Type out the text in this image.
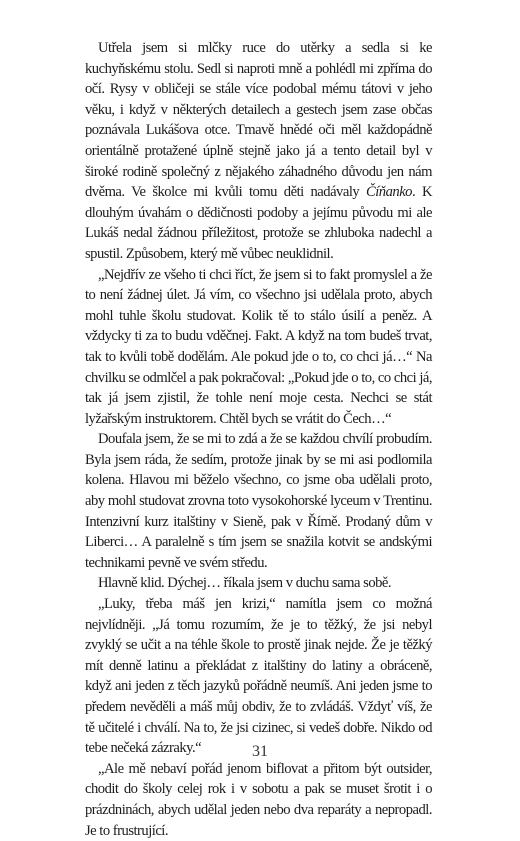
Utřela jsem si mlčky ruce do utěrky a sedla si ke kuchyňskému stolu. Sedl si naproti mně a pohlédl mi zpříma do očí. Rysy v obličeji se stále více podobal mému tátovi v jeho věku, i když v některých detailech a gestech jsem zase občas poznávala Lukášova otce. Tmavě hnědé oči měl každopádně orientálně protažené úplně stejně jako já a tento detail byl v široké rodině společný z nějakého záhadného důvodu jen nám dvěma. Ve školce mi kvůli tomu děti nadávaly Číňanko. K dlouhým úvahám o dědičnosti podoby a jejímu původu mi ale Lukáš nedal žádnou příležitost, protože se zhluboka nadechl a spustil. Způsobem, který mě vůbec neuklidnil.

„Nejdřív ze všeho ti chci říct, že jsem si to fakt promyslel a že to není žádnej úlet. Já vím, co všechno jsi udělala proto, abych mohl tuhle školu studovat. Kolik tě to stálo úsilí a peněz. A vždycky ti za to budu vděčnej. Fakt. A když na tom budeš trvat, tak to kvůli tobě dodělám. Ale pokud jde o to, co chci já…“ Na chvilku se odmlčel a pak pokračoval: „Pokud jde o to, co chci já, tak já jsem zjistil, že tohle není moje cesta. Nechci se stát lyžařským instruktorem. Chtěl bych se vrátit do Čech…“

Doufala jsem, že se mi to zdá a že se každou chvílí probudím. Byla jsem ráda, že sedím, protože jinak by se mi asi podlomila kolena. Hlavou mi běželo všechno, co jsme oba udělali proto, aby mohl studovat zrovna toto vysokohorské lyceum v Trentinu. Intenzivní kurz italštiny v Sieně, pak v Římě. Prodaný dům v Liberci… A paralelně s tím jsem se snažila kotvit se andskými technikami pevně ve svém středu.

Hlavně klid. Dýchej… říkala jsem v duchu sama sobě.

„Luky, třeba máš jen krizi,“ namítla jsem co možná nejvlídněji. „Já tomu rozumím, že je to těžký, že jsi nebyl zvyklý se učit a na téhle škole to prostě jinak nejde. Že je těžký mít denně latinu a překládat z italštiny do latiny a obráceně, když ani jeden z těch jazyků pořádně neumíš. Ani jeden jsme to předem nevěděli a máš můj obdiv, že to zvládáš. Vždyť víš, že tě učitelé i chválí. Na to, že jsi cizinec, si vedeš dobře. Nikdo od tebe nečeká zázraky.“

„Ale mě nebaví pořád jenom biflovat a přitom být outsider, chodit do školy celej rok i v sobotu a pak se muset šrotit i o prázdninách, abych udělal jeden nebo dva reparáty a nepropadl. Je to frustrující.

31
